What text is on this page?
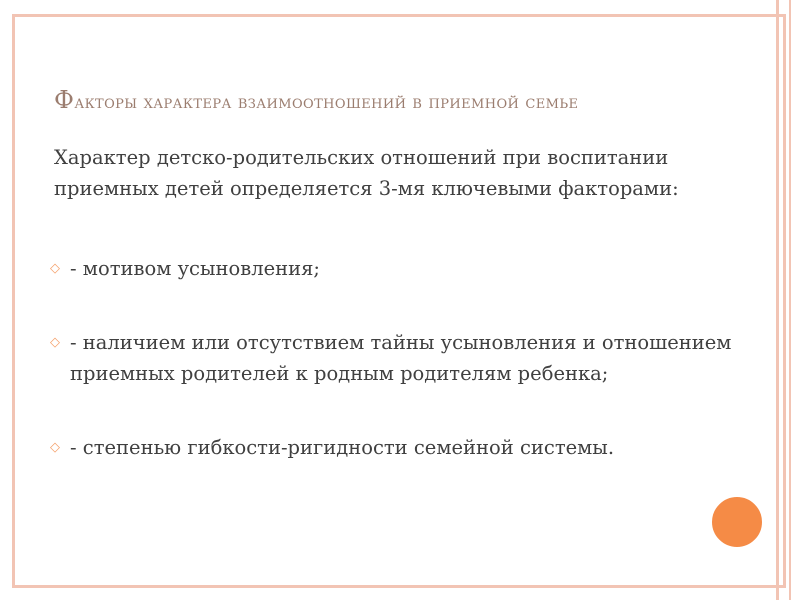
Факторы характера взаимоотношений в приемной семье

Характер детско-родительских отношений при воспитании приемных детей определяется 3-мя ключевыми факторами:

◇ - мотивом усыновления;

◇ - наличием или отсутствием тайны усыновления и отношением приемных родителей к родным родителям ребенка;

◇ - степенью гибкости-ригидности семейной системы.
